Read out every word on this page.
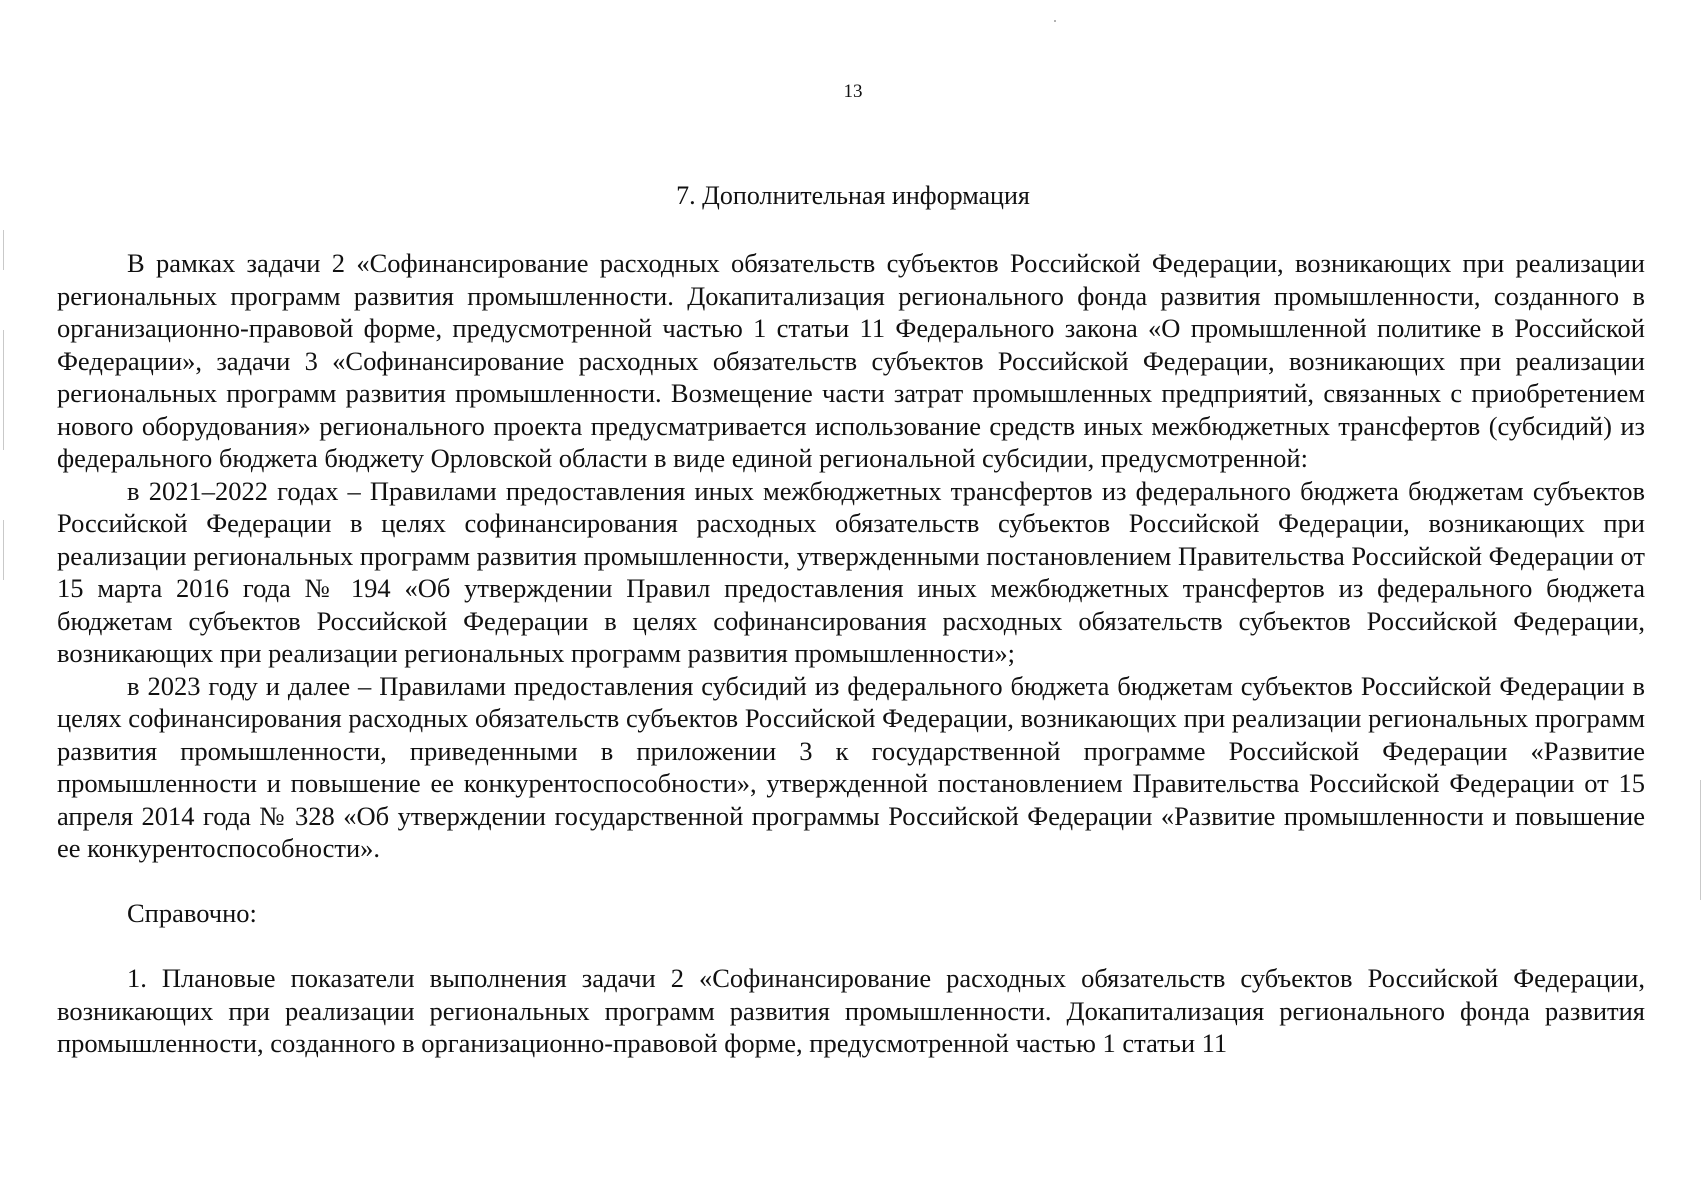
13
7. Дополнительная информация

В рамках задачи 2 «Софинансирование расходных обязательств субъектов Российской Федерации, возникающих при реализации региональных программ развития промышленности. Докапитализация регионального фонда развития промышленности, созданного в организационно-правовой форме, предусмотренной частью 1 статьи 11 Федерального закона «О промышленной политике в Российской Федерации», задачи 3 «Софинансирование расходных обязательств субъектов Российской Федерации, возникающих при реализации региональных программ развития промышленности. Возмещение части затрат промышленных предприятий, связанных с приобретением нового оборудования» регионального проекта предусматривается использование средств иных межбюджетных трансфертов (субсидий) из федерального бюджета бюджету Орловской области в виде единой региональной субсидии, предусмотренной:

в 2021–2022 годах – Правилами предоставления иных межбюджетных трансфертов из федерального бюджета бюджетам субъектов Российской Федерации в целях софинансирования расходных обязательств субъектов Российской Федерации, возникающих при реализации региональных программ развития промышленности, утвержденными постановлением Правительства Российской Федерации от 15 марта 2016 года № 194 «Об утверждении Правил предоставления иных межбюджетных трансфертов из федерального бюджета бюджетам субъектов Российской Федерации в целях софинансирования расходных обязательств субъектов Российской Федерации, возникающих при реализации региональных программ развития промышленности»;

в 2023 году и далее – Правилами предоставления субсидий из федерального бюджета бюджетам субъектов Российской Федерации в целях софинансирования расходных обязательств субъектов Российской Федерации, возникающих при реализации региональных программ развития промышленности, приведенными в приложении 3 к государственной программе Российской Федерации «Развитие промышленности и повышение ее конкурентоспособности», утвержденной постановлением Правительства Российской Федерации от 15 апреля 2014 года № 328 «Об утверждении государственной программы Российской Федерации «Развитие промышленности и повышение ее конкурентоспособности».

Справочно:

1. Плановые показатели выполнения задачи 2 «Софинансирование расходных обязательств субъектов Российской Федерации, возникающих при реализации региональных программ развития промышленности. Докапитализация регионального фонда развития промышленности, созданного в организационно-правовой форме, предусмотренной частью 1 статьи 11
